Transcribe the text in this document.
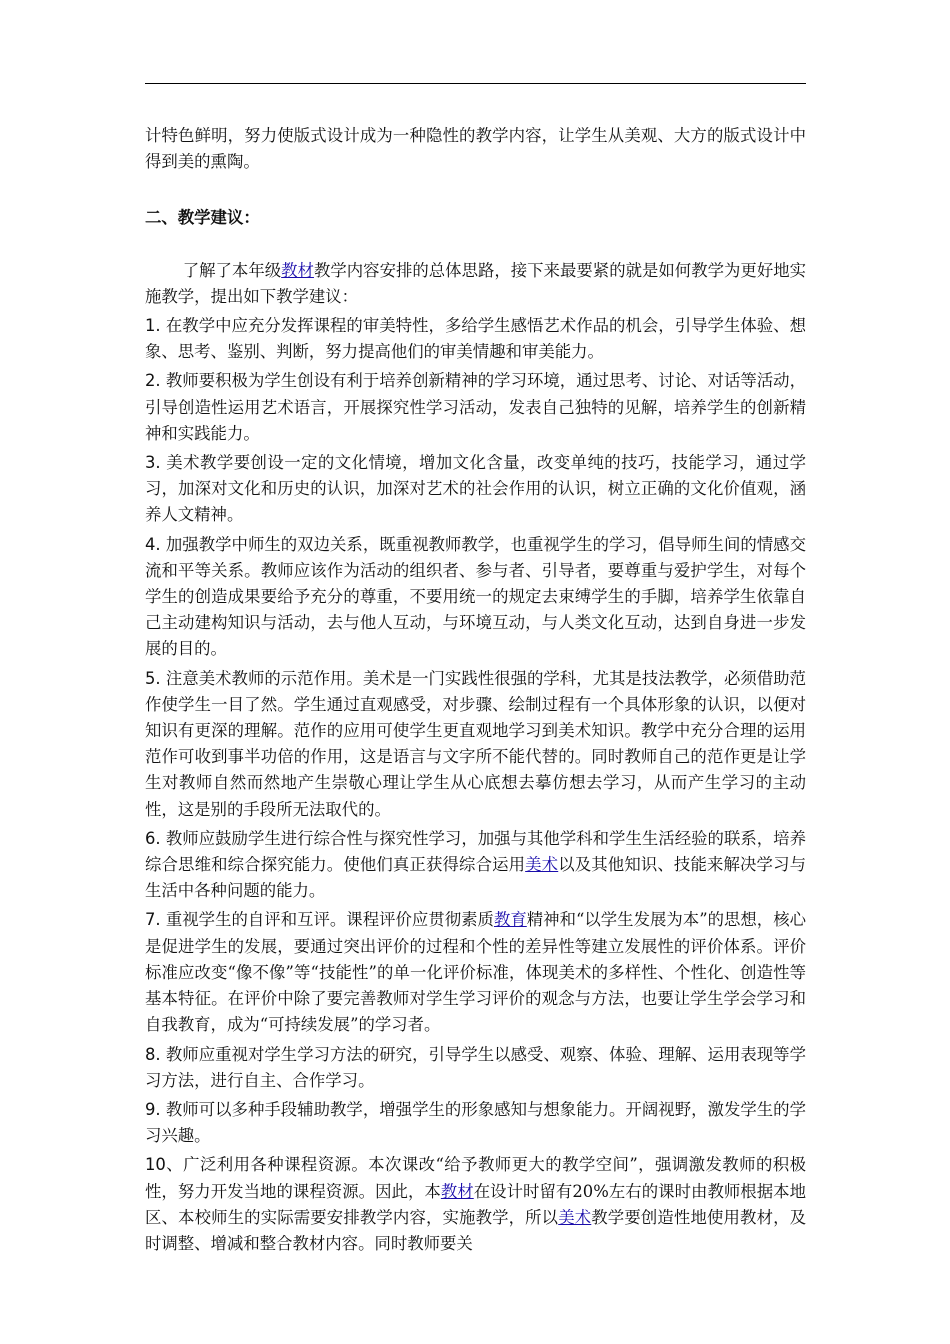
计特色鲜明，努力使版式设计成为一种隐性的教学内容，让学生从美观、大方的版式设计中得到美的熏陶。

二、教学建议：

了解了本年级教材教学内容安排的总体思路，接下来最要紧的就是如何教学为更好地实施教学，提出如下教学建议：

1. 在教学中应充分发挥课程的审美特性，多给学生感悟艺术作品的机会，引导学生体验、想象、思考、鉴别、判断，努力提高他们的审美情趣和审美能力。

2. 教师要积极为学生创设有利于培养创新精神的学习环境，通过思考、讨论、对话等活动，引导创造性运用艺术语言，开展探究性学习活动，发表自己独特的见解，培养学生的创新精神和实践能力。

3. 美术教学要创设一定的文化情境，增加文化含量，改变单纯的技巧，技能学习，通过学习，加深对文化和历史的认识，加深对艺术的社会作用的认识，树立正确的文化价值观，涵养人文精神。

4. 加强教学中师生的双边关系，既重视教师教学，也重视学生的学习，倡导师生间的情感交流和平等关系。教师应该作为活动的组织者、参与者、引导者，要尊重与爱护学生，对每个学生的创造成果要给予充分的尊重，不要用统一的规定去束缚学生的手脚，培养学生依靠自己主动建构知识与活动，去与他人互动，与环境互动，与人类文化互动，达到自身进一步发展的目的。

5. 注意美术教师的示范作用。美术是一门实践性很强的学科，尤其是技法教学，必须借助范作使学生一目了然。学生通过直观感受，对步骤、绘制过程有一个具体形象的认识，以便对知识有更深的理解。范作的应用可使学生更直观地学习到美术知识。教学中充分合理的运用范作可收到事半功倍的作用，这是语言与文字所不能代替的。同时教师自己的范作更是让学生对教师自然而然地产生崇敬心理让学生从心底想去摹仿想去学习，从而产生学习的主动性，这是别的手段所无法取代的。

6. 教师应鼓励学生进行综合性与探究性学习，加强与其他学科和学生生活经验的联系，培养综合思维和综合探究能力。使他们真正获得综合运用美术以及其他知识、技能来解决学习与生活中各种问题的能力。

7. 重视学生的自评和互评。课程评价应贯彻素质教育精神和“以学生发展为本”的思想，核心是促进学生的发展，要通过突出评价的过程和个性的差异性等建立发展性的评价体系。评价标准应改变“像不像”等“技能性”的单一化评价标准，体现美术的多样性、个性化、创造性等基本特征。在评价中除了要完善教师对学生学习评价的观念与方法，也要让学生学会学习和自我教育，成为“可持续发展”的学习者。

8. 教师应重视对学生学习方法的研究，引导学生以感受、观察、体验、理解、运用表现等学习方法，进行自主、合作学习。

9. 教师可以多种手段辅助教学，增强学生的形象感知与想象能力。开阔视野，激发学生的学习兴趣。

10、广泛利用各种课程资源。本次课改“给予教师更大的教学空间”，强调激发教师的积极性，努力开发当地的课程资源。因此，本教材在设计时留有20%左右的课时由教师根据本地区、本校师生的实际需要安排教学内容，实施教学，所以美术教学要创造性地使用教材，及时调整、增减和整合教材内容。同时教师要关
